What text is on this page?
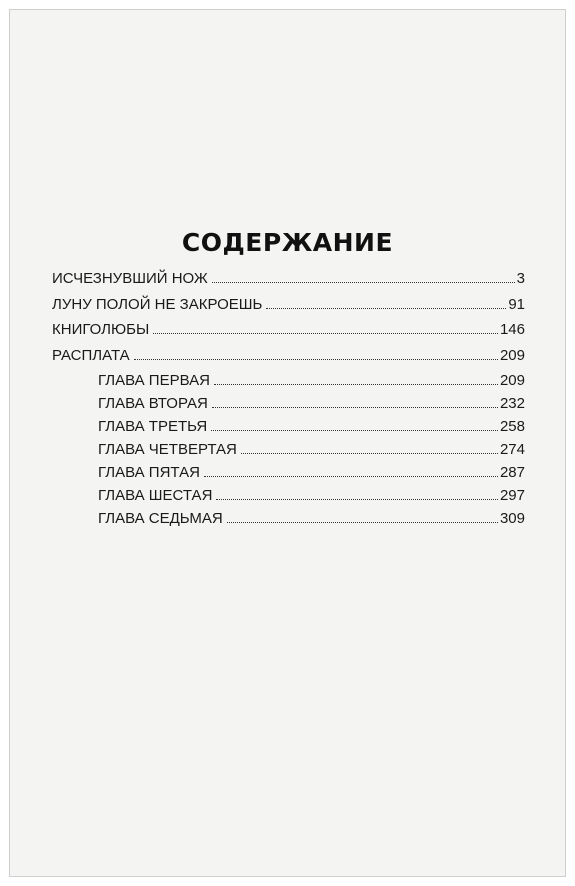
СОДЕРЖАНИЕ
ИСЧЕЗНУВШИЙ НОЖ	3
ЛУНУ ПОЛОЙ НЕ ЗАКРОЕШЬ	91
КНИГОЛЮБЫ	146
РАСПЛАТА	209
ГЛАВА ПЕРВАЯ	209
ГЛАВА ВТОРАЯ	232
ГЛАВА ТРЕТЬЯ	258
ГЛАВА ЧЕТВЕРТАЯ	274
ГЛАВА ПЯТАЯ	287
ГЛАВА ШЕСТАЯ	297
ГЛАВА СЕДЬМАЯ	309
